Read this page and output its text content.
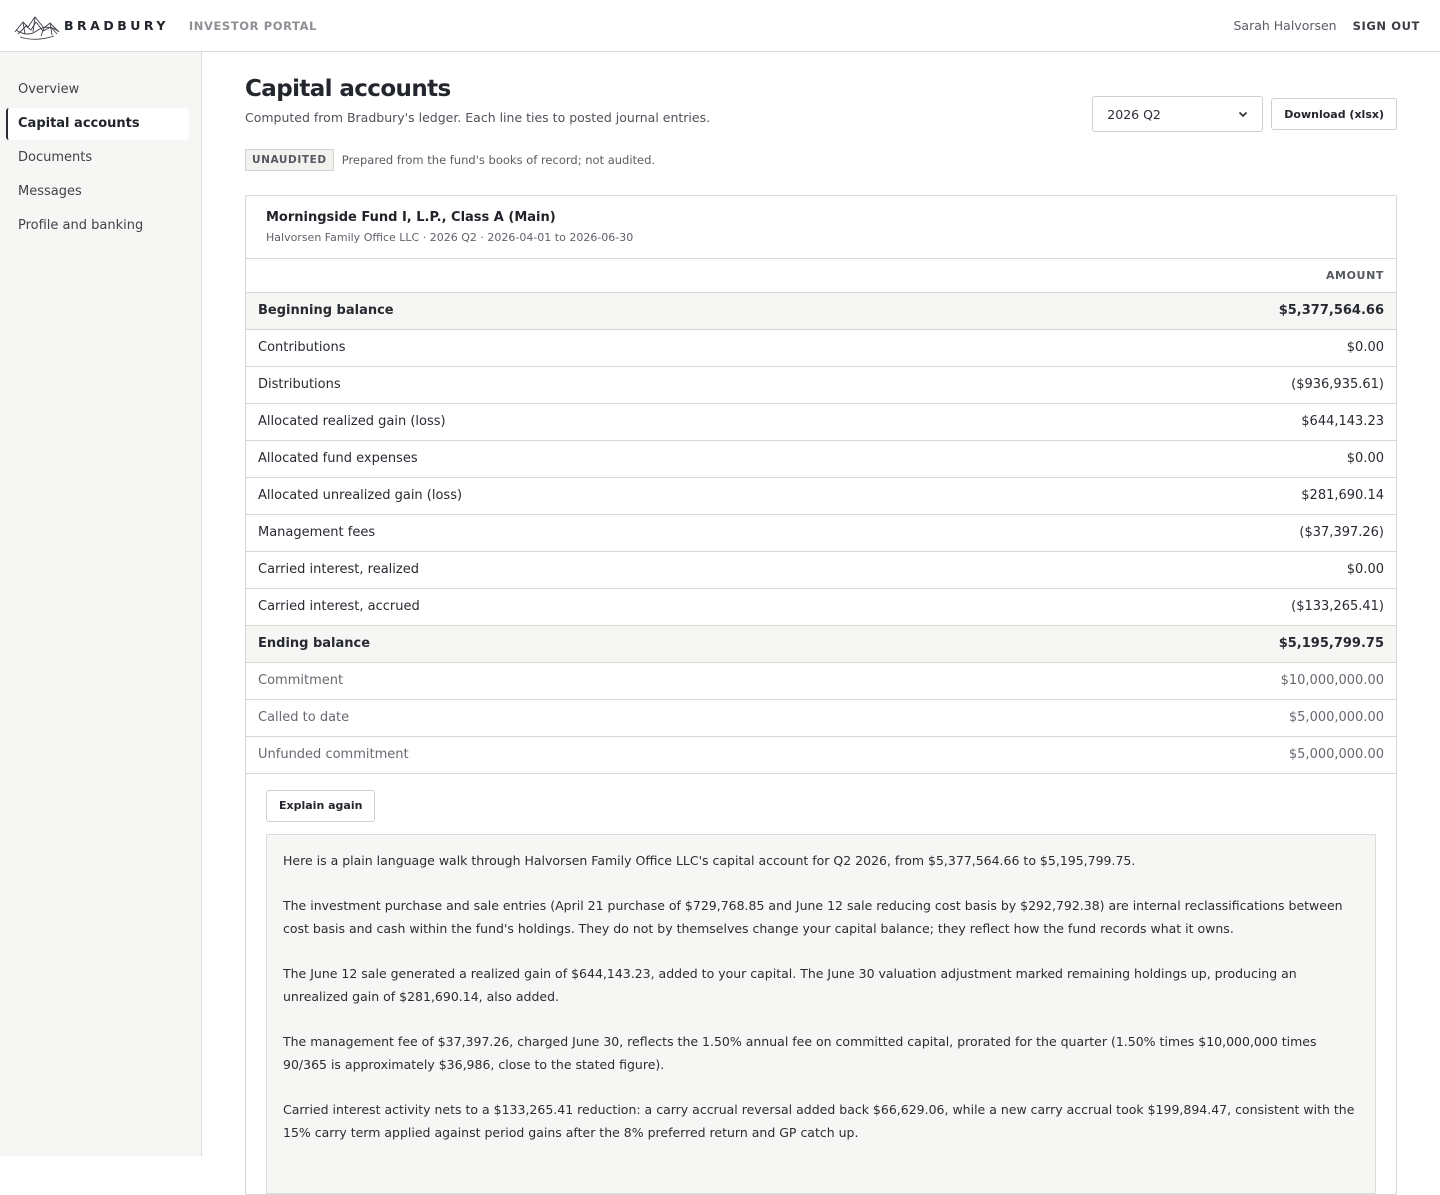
BRADBURY INVESTOR PORTAL	Sarah Halvorsen SIGN OUT
Overview
Capital accounts
Documents
Messages
Profile and banking
Capital accounts
Computed from Bradbury's ledger. Each line ties to posted journal entries.	2026 Q2	Download (xlsx)
UNAUDITED	Prepared from the fund's books of record; not audited.
Morningside Fund I, L.P., Class A (Main)
Halvorsen Family Office LLC · 2026 Q2 · 2026-04-01 to 2026-06-30
	AMOUNT
Beginning balance	$5,377,564.66
Contributions	$0.00
Distributions	($936,935.61)
Allocated realized gain (loss)	$644,143.23
Allocated fund expenses	$0.00
Allocated unrealized gain (loss)	$281,690.14
Management fees	($37,397.26)
Carried interest, realized	$0.00
Carried interest, accrued	($133,265.41)
Ending balance	$5,195,799.75
Commitment	$10,000,000.00
Called to date	$5,000,000.00
Unfunded commitment	$5,000,000.00
Explain again

Here is a plain language walk through Halvorsen Family Office LLC's capital account for Q2 2026, from $5,377,564.66 to $5,195,799.75.

The investment purchase and sale entries (April 21 purchase of $729,768.85 and June 12 sale reducing cost basis by $292,792.38) are internal reclassifications between cost basis and cash within the fund's holdings. They do not by themselves change your capital balance; they reflect how the fund records what it owns.

The June 12 sale generated a realized gain of $644,143.23, added to your capital. The June 30 valuation adjustment marked remaining holdings up, producing an unrealized gain of $281,690.14, also added.

The management fee of $37,397.26, charged June 30, reflects the 1.50% annual fee on committed capital, prorated for the quarter (1.50% times $10,000,000 times 90/365 is approximately $36,986, close to the stated figure).

Carried interest activity nets to a $133,265.41 reduction: a carry accrual reversal added back $66,629.06, while a new carry accrual took $199,894.47, consistent with the 15% carry term applied against period gains after the 8% preferred return and GP catch up.
